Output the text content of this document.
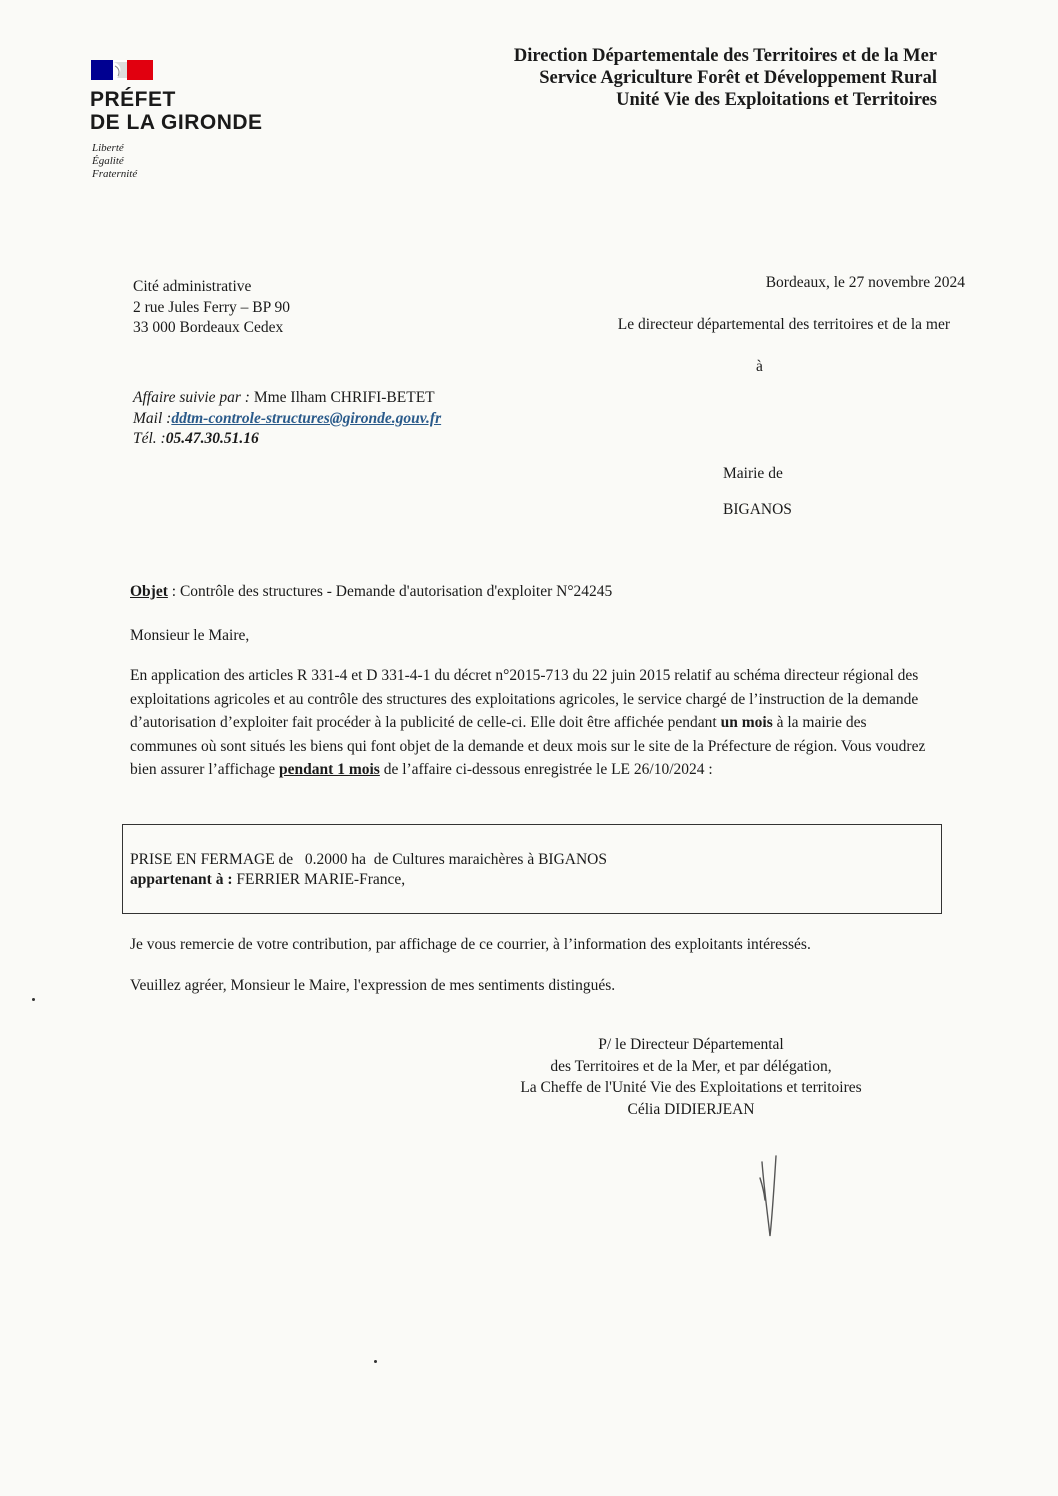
PRÉFET
DE LA GIRONDE
Liberté
Égalité
Fraternité
Direction Départementale des Territoires et de la Mer
Service Agriculture Forêt et Développement Rural
Unité Vie des Exploitations et Territoires
Cité administrative
2 rue Jules Ferry – BP 90
33 000 Bordeaux Cedex
Bordeaux, le 27 novembre 2024
Le directeur départemental des territoires et de la mer
à
Affaire suivie par : Mme Ilham CHRIFI-BETET
Mail :ddtm-controle-structures@gironde.gouv.fr
Tél. :05.47.30.51.16
Mairie de
BIGANOS
Objet : Contrôle des structures - Demande d'autorisation d'exploiter N°24245
Monsieur le Maire,
En application des articles R 331-4 et D 331-4-1 du décret n°2015-713 du 22 juin 2015 relatif au schéma directeur régional des exploitations agricoles et au contrôle des structures des exploitations agricoles, le service chargé de l’instruction de la demande d’autorisation d’exploiter fait procéder à la publicité de celle-ci. Elle doit être affichée pendant un mois à la mairie des communes où sont situés les biens qui font objet de la demande et deux mois sur le site de la Préfecture de région. Vous voudrez bien assurer l’affichage pendant 1 mois de l’affaire ci-dessous enregistrée le LE 26/10/2024 :
PRISE EN FERMAGE de   0.2000 ha  de Cultures maraichères à BIGANOS
appartenant à : FERRIER MARIE-France,
Je vous remercie de votre contribution, par affichage de ce courrier, à l’information des exploitants intéressés.
Veuillez agréer, Monsieur le Maire, l'expression de mes sentiments distingués.
P/ le Directeur Départemental
des Territoires et de la Mer, et par délégation,
La Cheffe de l'Unité Vie des Exploitations et territoires
Célia DIDIERJEAN
